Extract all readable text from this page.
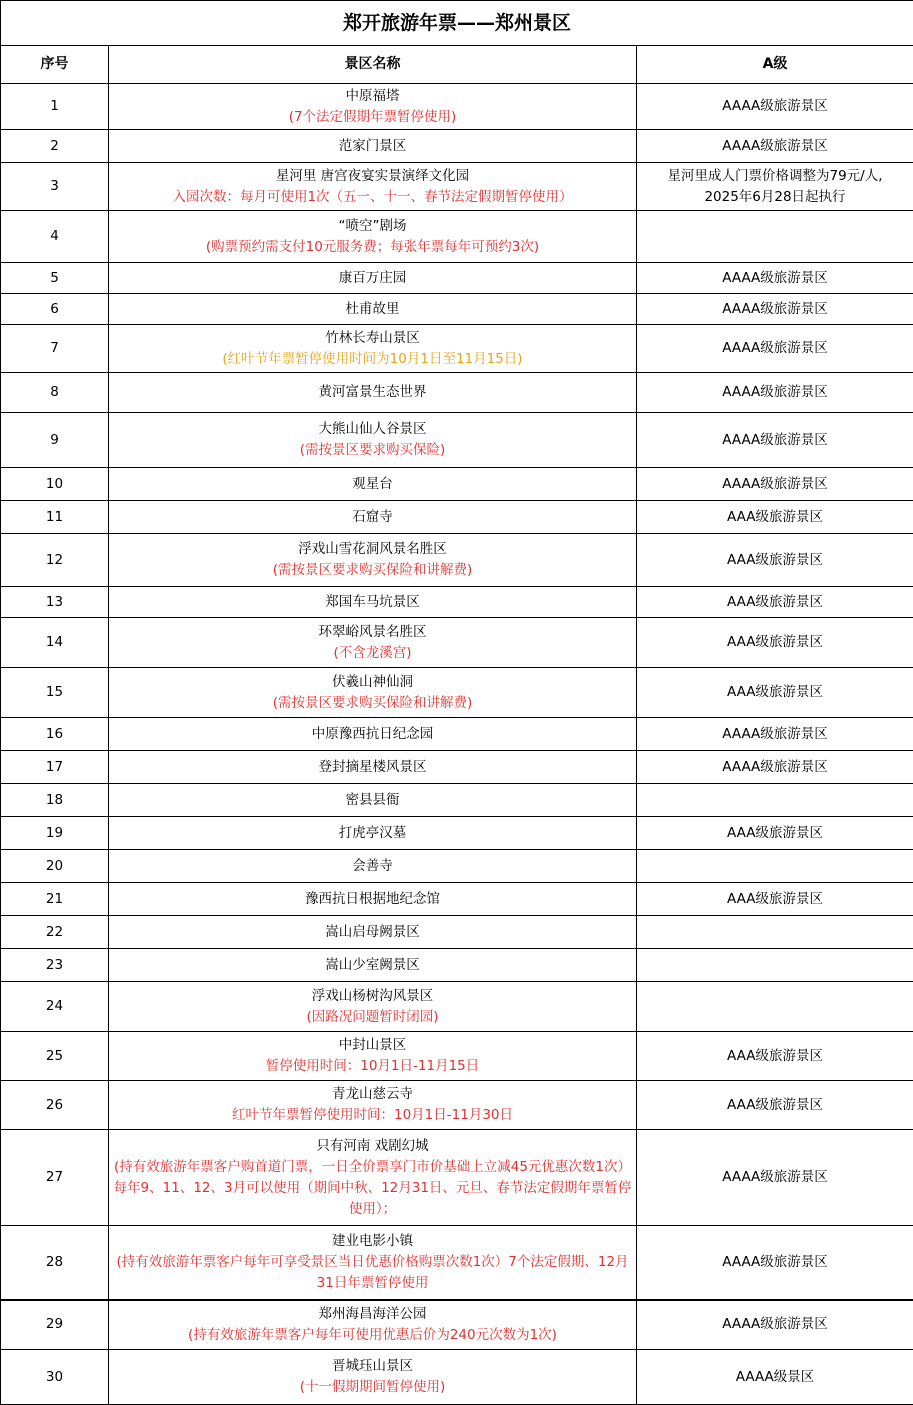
郑开旅游年票——郑州景区		
序号	景区名称	A级
1	中原福塔
(7个法定假期年票暂停使用)	AAAA级旅游景区

2	范家门景区	AAAA级旅游景区

3	星河里 唐宫夜宴实景演绎文化园
入园次数：每月可使用1次（五一、十一、春节法定假期暂停使用）	星河里成人门票价格调整为79元/人,
2025年6月28日起执行

4	“喷空”剧场
(购票预约需支付10元服务费；每张年票每年可预约3次)	

5	康百万庄园	AAAA级旅游景区

6	杜甫故里	AAAA级旅游景区

7	竹林长寿山景区
(红叶节年票暂停使用时间为10月1日至11月15日)	AAAA级旅游景区

8	黄河富景生态世界	AAAA级旅游景区

9	大熊山仙人谷景区
(需按景区要求购买保险)	AAAA级旅游景区

10	观星台	AAAA级旅游景区

11	石窟寺	AAA级旅游景区

12	浮戏山雪花洞风景名胜区
(需按景区要求购买保险和讲解费)	AAA级旅游景区

13	郑国车马坑景区	AAA级旅游景区

14	环翠峪风景名胜区
(不含龙溪宫)	AAA级旅游景区

15	伏羲山神仙洞
(需按景区要求购买保险和讲解费)	AAA级旅游景区

16	中原豫西抗日纪念园	AAAA级旅游景区

17	登封摘星楼风景区	AAAA级旅游景区

18	密县县衙	

19	打虎亭汉墓	AAA级旅游景区

20	会善寺	

21	豫西抗日根据地纪念馆	AAA级旅游景区

22	嵩山启母阙景区	

23	嵩山少室阙景区	

24	浮戏山杨树沟风景区
(因路况问题暂时闭园)	

25	中封山景区
暂停使用时间：10月1日-11月15日	AAA级旅游景区

26	青龙山慈云寺
红叶节年票暂停使用时间：10月1日-11月30日	AAA级旅游景区

27	只有河南 戏剧幻城
(持有效旅游年票客户购首道门票，一日全价票享门市价基础上立减45元优惠次数1次）每年9、11、12、3月可以使用（期间中秋、12月31日、元旦、春节法定假期年票暂停使用）；	AAAA级旅游景区

28	建业电影小镇
(持有效旅游年票客户每年可享受景区当日优惠价格购票次数1次）7个法定假期、12月31日年票暂停使用	AAAA级旅游景区

29	郑州海昌海洋公园
(持有效旅游年票客户每年可使用优惠后价为240元次数为1次)	AAAA级旅游景区

30	晋城珏山景区
(十一假期期间暂停使用)	AAAA级景区
